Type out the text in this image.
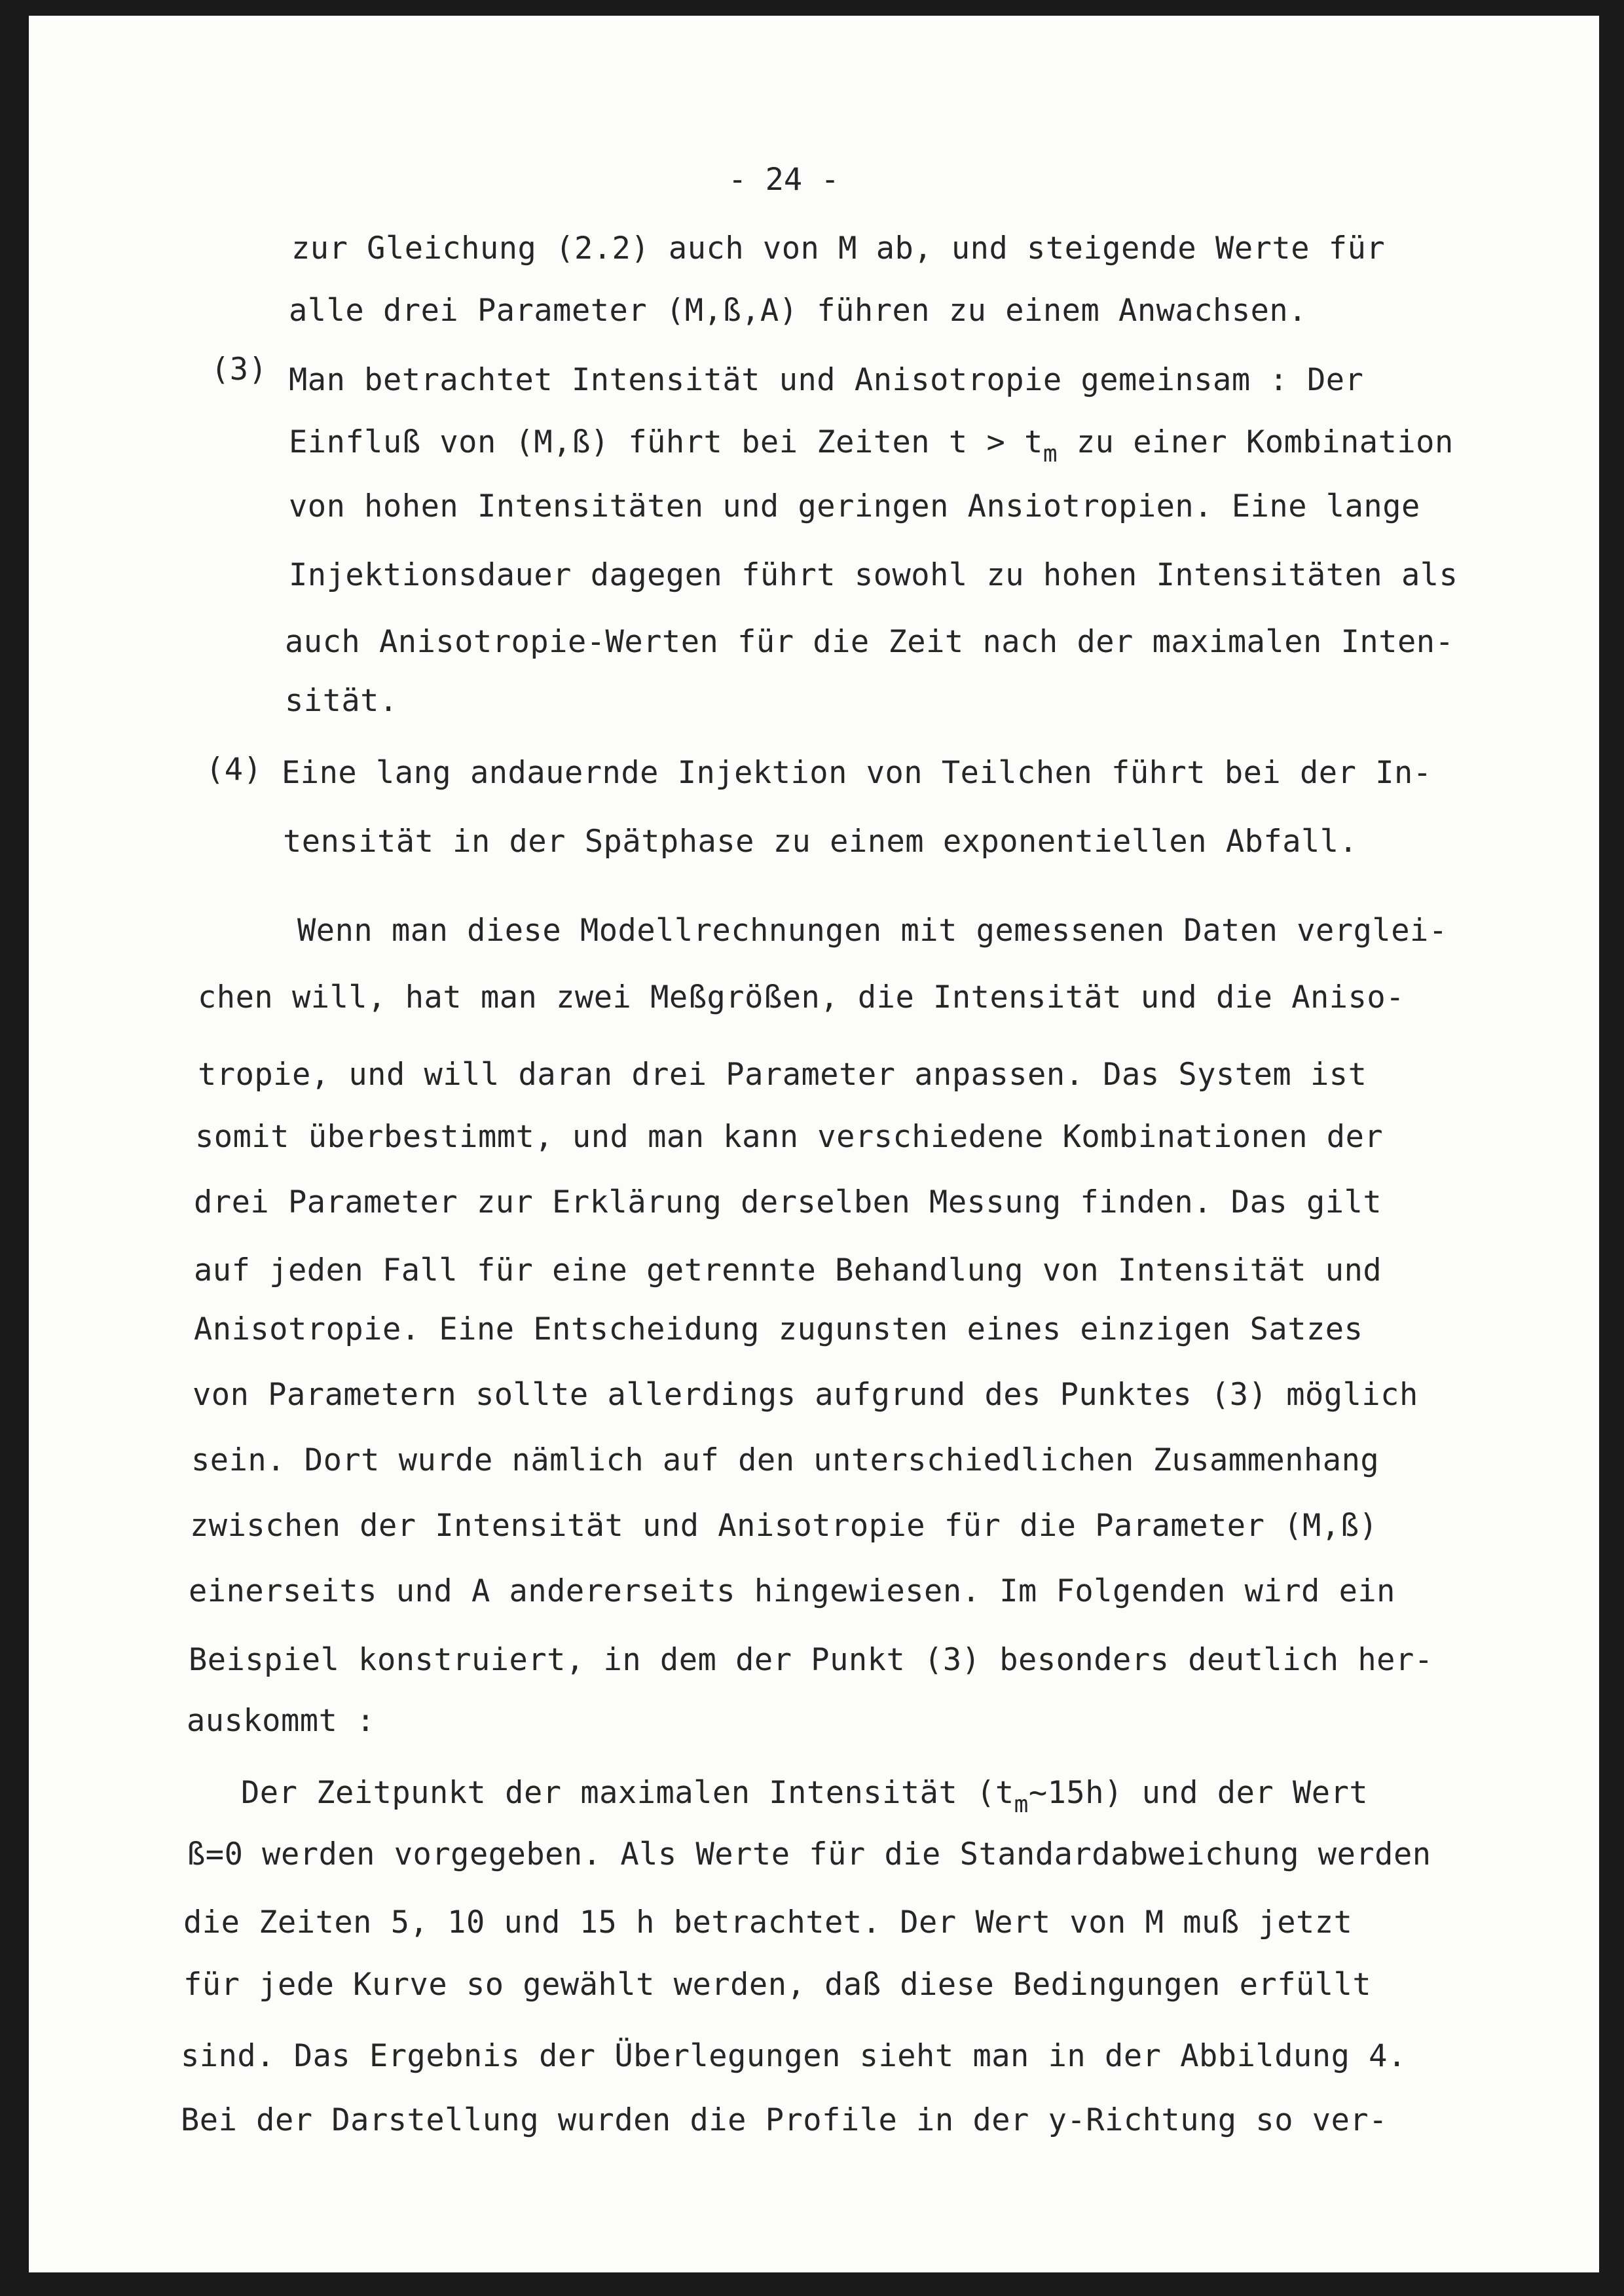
- 24 -
zur Gleichung (2.2) auch von M ab, und steigende Werte für
alle drei Parameter (M,ß,A) führen zu einem Anwachsen.
(3) Man betrachtet Intensität und Anisotropie gemeinsam : Der
Einfluß von (M,ß) führt bei Zeiten $t > t_m$ zu einer Kombination
von hohen Intensitäten und geringen Ansiotropien. Eine lange
Injektionsdauer dagegen führt sowohl zu hohen Intensitäten als
auch Anisotropie-Werten für die Zeit nach der maximalen Inten-
sität.
(4) Eine lang andauernde Injektion von Teilchen führt bei der In-
tensität in der Spätphase zu einem exponentiellen Abfall.
Wenn man diese Modellrechnungen mit gemessenen Daten verglei-
chen will, hat man zwei Meßgrößen, die Intensität und die Aniso-
tropie, und will daran drei Parameter anpassen. Das System ist
somit überbestimmt, und man kann verschiedene Kombinationen der
drei Parameter zur Erklärung derselben Messung finden. Das gilt
auf jeden Fall für eine getrennte Behandlung von Intensität und
Anisotropie. Eine Entscheidung zugunsten eines einzigen Satzes
von Parametern sollte allerdings aufgrund des Punktes (3) möglich
sein. Dort wurde nämlich auf den unterschiedlichen Zusammenhang
zwischen der Intensität und Anisotropie für die Parameter (M,ß)
einerseits und A andererseits hingewiesen. Im Folgenden wird ein
Beispiel konstruiert, in dem der Punkt (3) besonders deutlich her-
auskommt :
Der Zeitpunkt der maximalen Intensität $(t_m\sim 15h)$ und der Wert
ß=0 werden vorgegeben. Als Werte für die Standardabweichung werden
die Zeiten 5, 10 und 15 h betrachtet. Der Wert von M muß jetzt
für jede Kurve so gewählt werden, daß diese Bedingungen erfüllt
sind. Das Ergebnis der Überlegungen sieht man in der Abbildung 4.
Bei der Darstellung wurden die Profile in der y-Richtung so ver-
